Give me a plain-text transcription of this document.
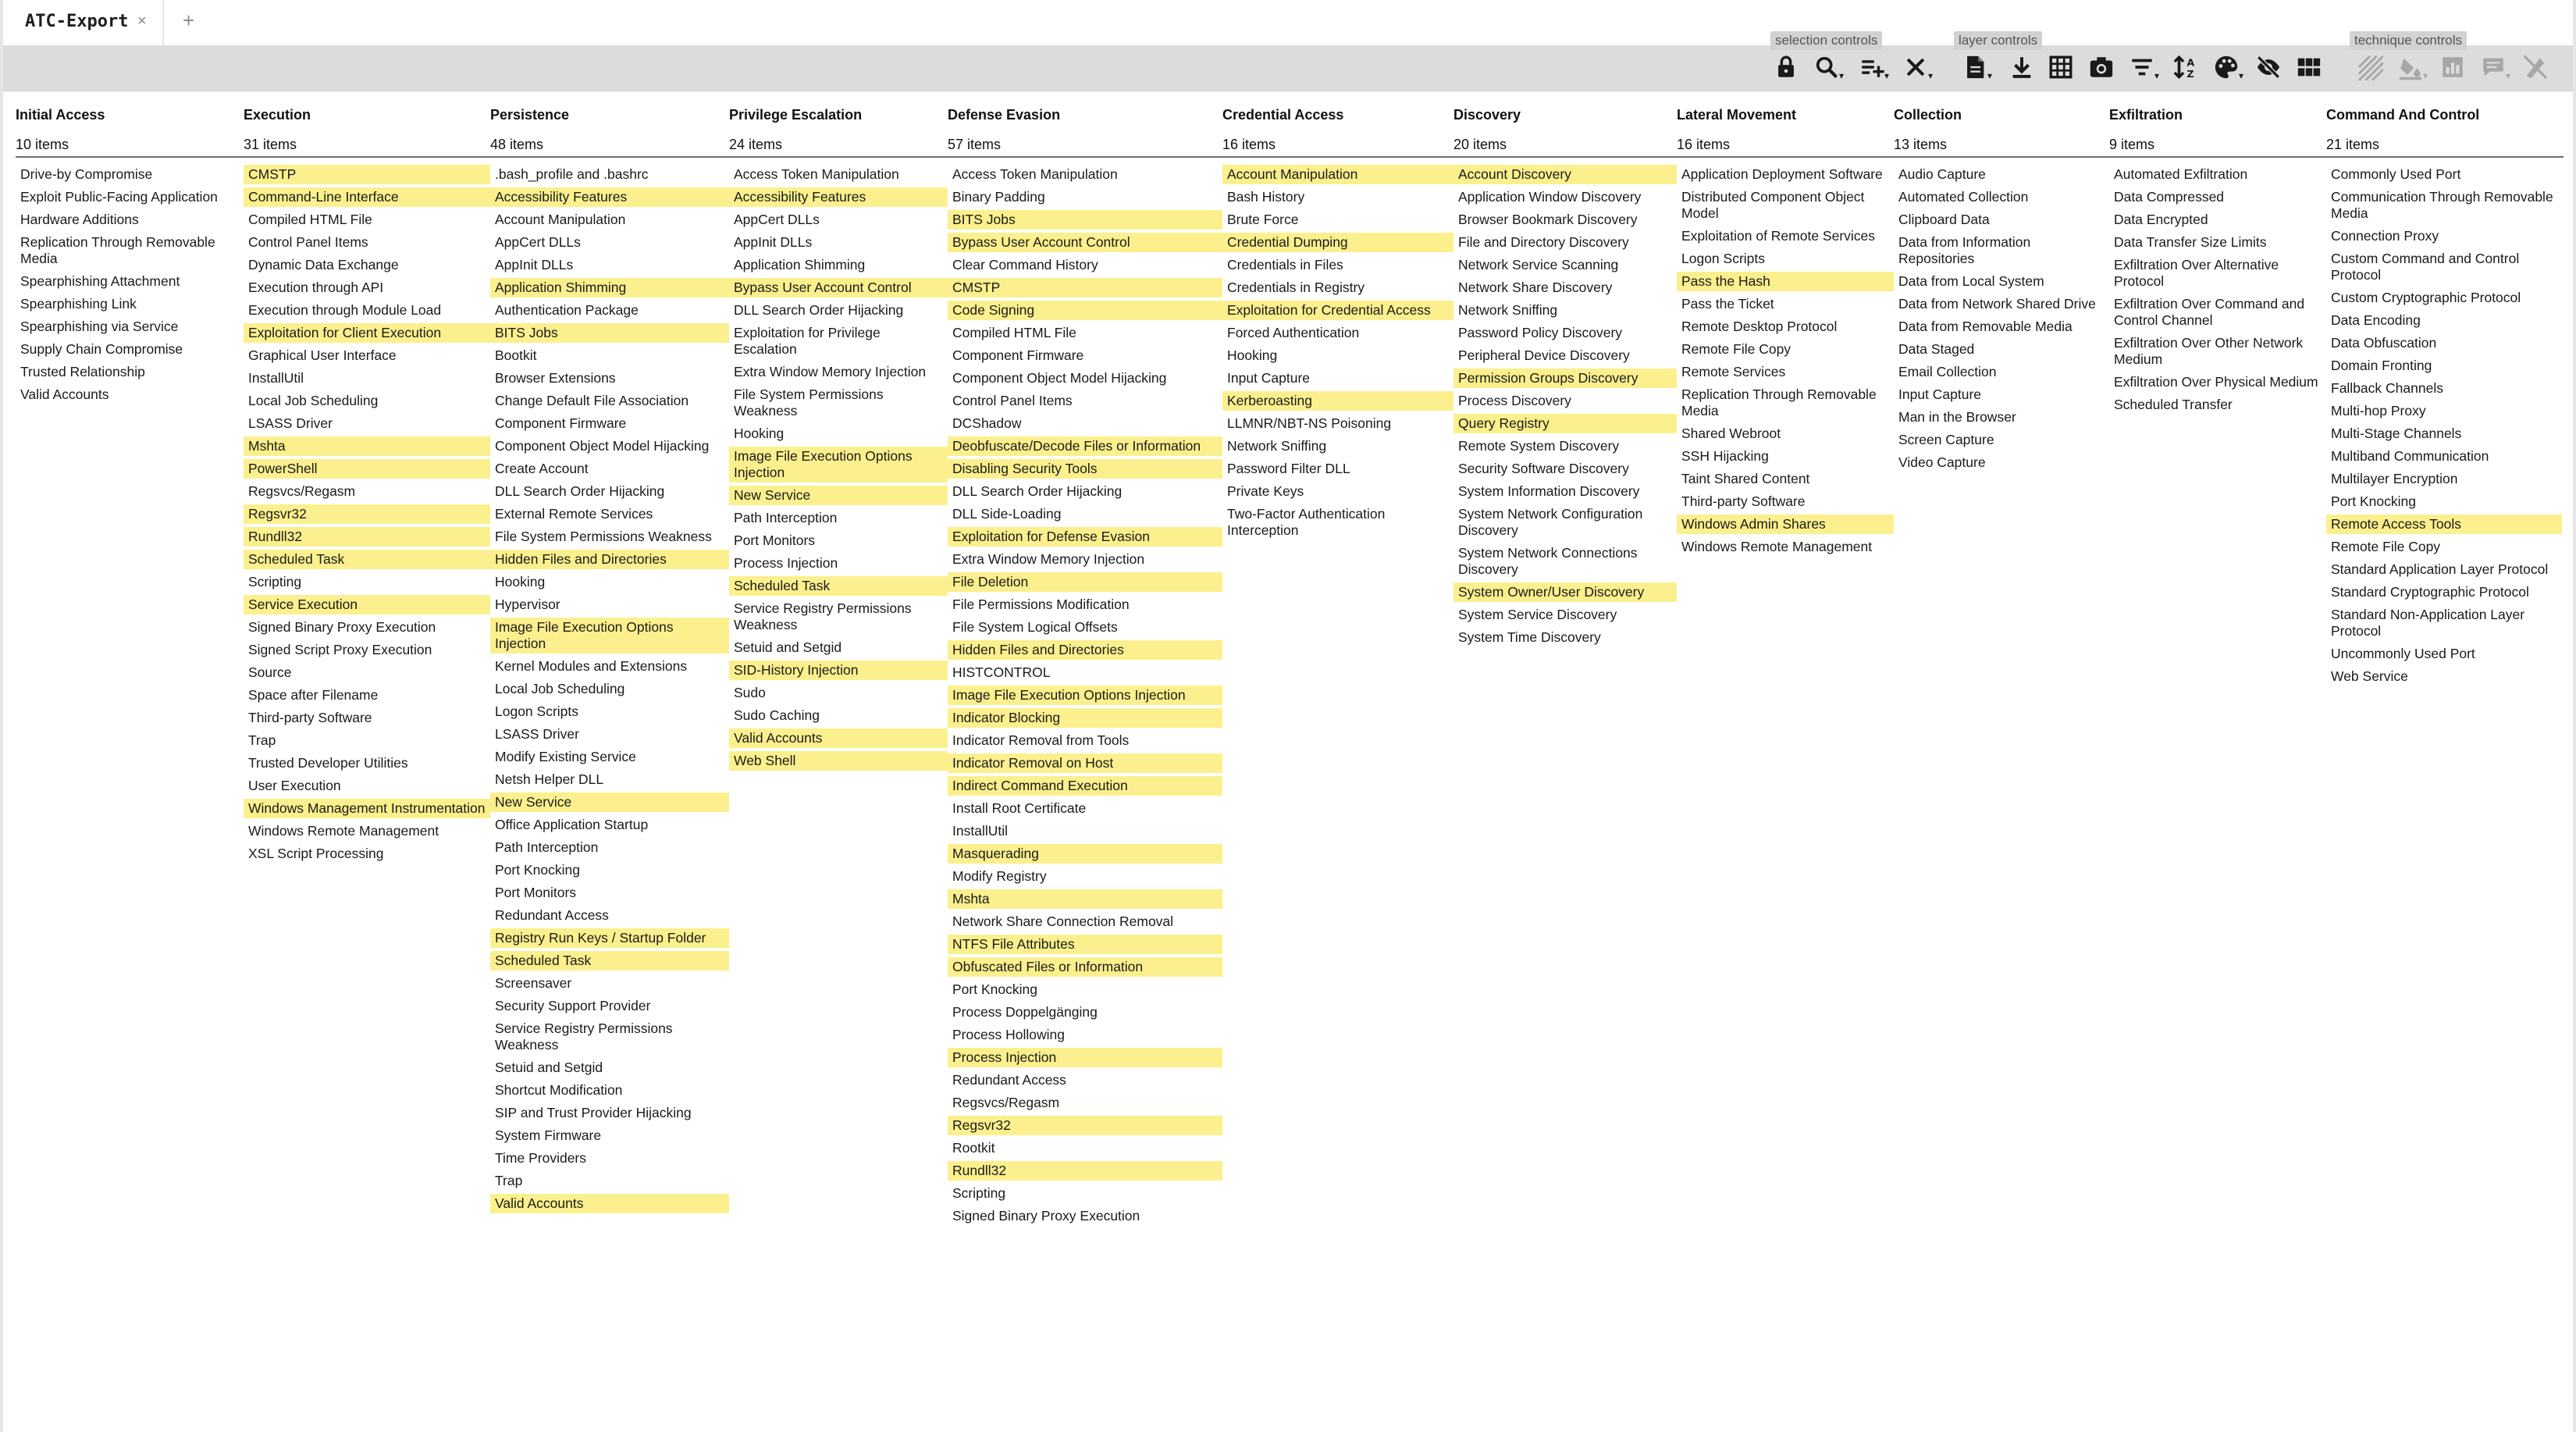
ATC-Export × +
selection controls	layer controls	technique controls
▾	▾	▾	▾	▾
A
Z	▾	▾	▾
Initial Access
10 items
Drive-by Compromise
Exploit Public-Facing Application
Hardware Additions
Replication Through Removable Media
Spearphishing Attachment
Spearphishing Link
Spearphishing via Service
Supply Chain Compromise
Trusted Relationship
Valid Accounts
Execution
31 items
CMSTP
Command-Line Interface
Compiled HTML File
Control Panel Items
Dynamic Data Exchange
Execution through API
Execution through Module Load
Exploitation for Client Execution
Graphical User Interface
InstallUtil
Local Job Scheduling
LSASS Driver
Mshta
PowerShell
Regsvcs/Regasm
Regsvr32
Rundll32
Scheduled Task
Scripting
Service Execution
Signed Binary Proxy Execution
Signed Script Proxy Execution
Source
Space after Filename
Third-party Software
Trap
Trusted Developer Utilities
User Execution
Windows Management Instrumentation
Windows Remote Management
XSL Script Processing
Persistence
48 items
.bash_profile and .bashrc
Accessibility Features
Account Manipulation
AppCert DLLs
AppInit DLLs
Application Shimming
Authentication Package
BITS Jobs
Bootkit
Browser Extensions
Change Default File Association
Component Firmware
Component Object Model Hijacking
Create Account
DLL Search Order Hijacking
External Remote Services
File System Permissions Weakness
Hidden Files and Directories
Hooking
Hypervisor
Image File Execution Options Injection
Kernel Modules and Extensions
Local Job Scheduling
Logon Scripts
LSASS Driver
Modify Existing Service
Netsh Helper DLL
New Service
Office Application Startup
Path Interception
Port Knocking
Port Monitors
Redundant Access
Registry Run Keys / Startup Folder
Scheduled Task
Screensaver
Security Support Provider
Service Registry Permissions Weakness
Setuid and Setgid
Shortcut Modification
SIP and Trust Provider Hijacking
System Firmware
Time Providers
Trap
Valid Accounts
Privilege Escalation
24 items
Access Token Manipulation
Accessibility Features
AppCert DLLs
AppInit DLLs
Application Shimming
Bypass User Account Control
DLL Search Order Hijacking
Exploitation for Privilege Escalation
Extra Window Memory Injection
File System Permissions Weakness
Hooking
Image File Execution Options Injection
New Service
Path Interception
Port Monitors
Process Injection
Scheduled Task
Service Registry Permissions Weakness
Setuid and Setgid
SID-History Injection
Sudo
Sudo Caching
Valid Accounts
Web Shell
Defense Evasion
57 items
Access Token Manipulation
Binary Padding
BITS Jobs
Bypass User Account Control
Clear Command History
CMSTP
Code Signing
Compiled HTML File
Component Firmware
Component Object Model Hijacking
Control Panel Items
DCShadow
Deobfuscate/Decode Files or Information
Disabling Security Tools
DLL Search Order Hijacking
DLL Side-Loading
Exploitation for Defense Evasion
Extra Window Memory Injection
File Deletion
File Permissions Modification
File System Logical Offsets
Hidden Files and Directories
HISTCONTROL
Image File Execution Options Injection
Indicator Blocking
Indicator Removal from Tools
Indicator Removal on Host
Indirect Command Execution
Install Root Certificate
InstallUtil
Masquerading
Modify Registry
Mshta
Network Share Connection Removal
NTFS File Attributes
Obfuscated Files or Information
Port Knocking
Process Doppelgänging
Process Hollowing
Process Injection
Redundant Access
Regsvcs/Regasm
Regsvr32
Rootkit
Rundll32
Scripting
Signed Binary Proxy Execution
Credential Access
16 items
Account Manipulation
Bash History
Brute Force
Credential Dumping
Credentials in Files
Credentials in Registry
Exploitation for Credential Access
Forced Authentication
Hooking
Input Capture
Kerberoasting
LLMNR/NBT-NS Poisoning
Network Sniffing
Password Filter DLL
Private Keys
Two-Factor Authentication Interception
Discovery
20 items
Account Discovery
Application Window Discovery
Browser Bookmark Discovery
File and Directory Discovery
Network Service Scanning
Network Share Discovery
Network Sniffing
Password Policy Discovery
Peripheral Device Discovery
Permission Groups Discovery
Process Discovery
Query Registry
Remote System Discovery
Security Software Discovery
System Information Discovery
System Network Configuration Discovery
System Network Connections Discovery
System Owner/User Discovery
System Service Discovery
System Time Discovery
Lateral Movement
16 items
Application Deployment Software
Distributed Component Object Model
Exploitation of Remote Services
Logon Scripts
Pass the Hash
Pass the Ticket
Remote Desktop Protocol
Remote File Copy
Remote Services
Replication Through Removable Media
Shared Webroot
SSH Hijacking
Taint Shared Content
Third-party Software
Windows Admin Shares
Windows Remote Management
Collection
13 items
Audio Capture
Automated Collection
Clipboard Data
Data from Information Repositories
Data from Local System
Data from Network Shared Drive
Data from Removable Media
Data Staged
Email Collection
Input Capture
Man in the Browser
Screen Capture
Video Capture
Exfiltration
9 items
Automated Exfiltration
Data Compressed
Data Encrypted
Data Transfer Size Limits
Exfiltration Over Alternative Protocol
Exfiltration Over Command and Control Channel
Exfiltration Over Other Network Medium
Exfiltration Over Physical Medium
Scheduled Transfer
Command And Control
21 items
Commonly Used Port
Communication Through Removable Media
Connection Proxy
Custom Command and Control Protocol
Custom Cryptographic Protocol
Data Encoding
Data Obfuscation
Domain Fronting
Fallback Channels
Multi-hop Proxy
Multi-Stage Channels
Multiband Communication
Multilayer Encryption
Port Knocking
Remote Access Tools
Remote File Copy
Standard Application Layer Protocol
Standard Cryptographic Protocol
Standard Non-Application Layer Protocol
Uncommonly Used Port
Web Service
